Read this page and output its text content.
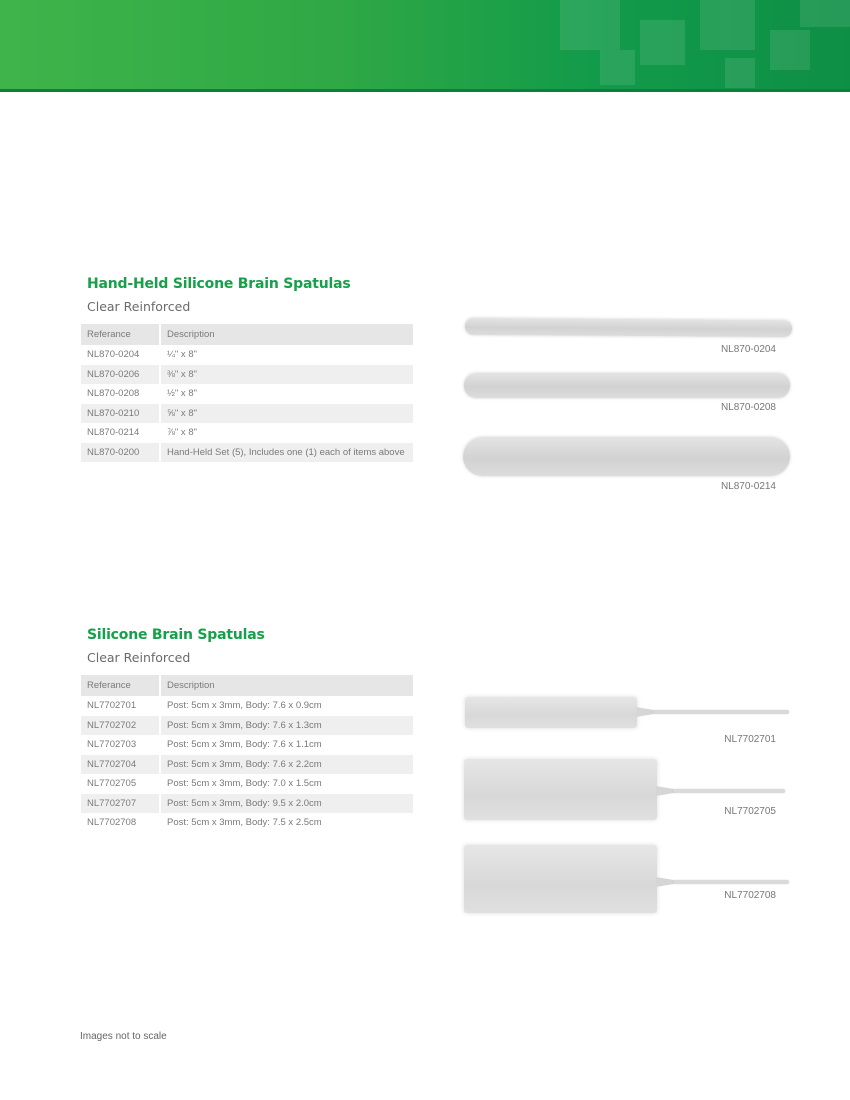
Hand-Held Silicone Brain Spatulas

Clear Reinforced

Referance	Description
NL870-0204	¼" x 8"
NL870-0206	⅜" x 8"
NL870-0208	½" x 8"
NL870-0210	⅝" x 8"
NL870-0214	⅞" x 8"
NL870-0200	Hand-Held Set (5), Includes one (1) each of items above
NL870-0204
NL870-0208
NL870-0214
Silicone Brain Spatulas

Clear Reinforced

Referance	Description
NL7702701	Post: 5cm x 3mm, Body: 7.6 x 0.9cm
NL7702702	Post: 5cm x 3mm, Body: 7.6 x 1.3cm
NL7702703	Post: 5cm x 3mm, Body: 7.6 x 1.1cm
NL7702704	Post: 5cm x 3mm, Body: 7.6 x 2.2cm
NL7702705	Post: 5cm x 3mm, Body: 7.0 x 1.5cm
NL7702707	Post: 5cm x 3mm, Body: 9.5 x 2.0cm
NL7702708	Post: 5cm x 3mm, Body: 7.5 x 2.5cm
NL7702701
NL7702705
NL7702708

Images not to scale
